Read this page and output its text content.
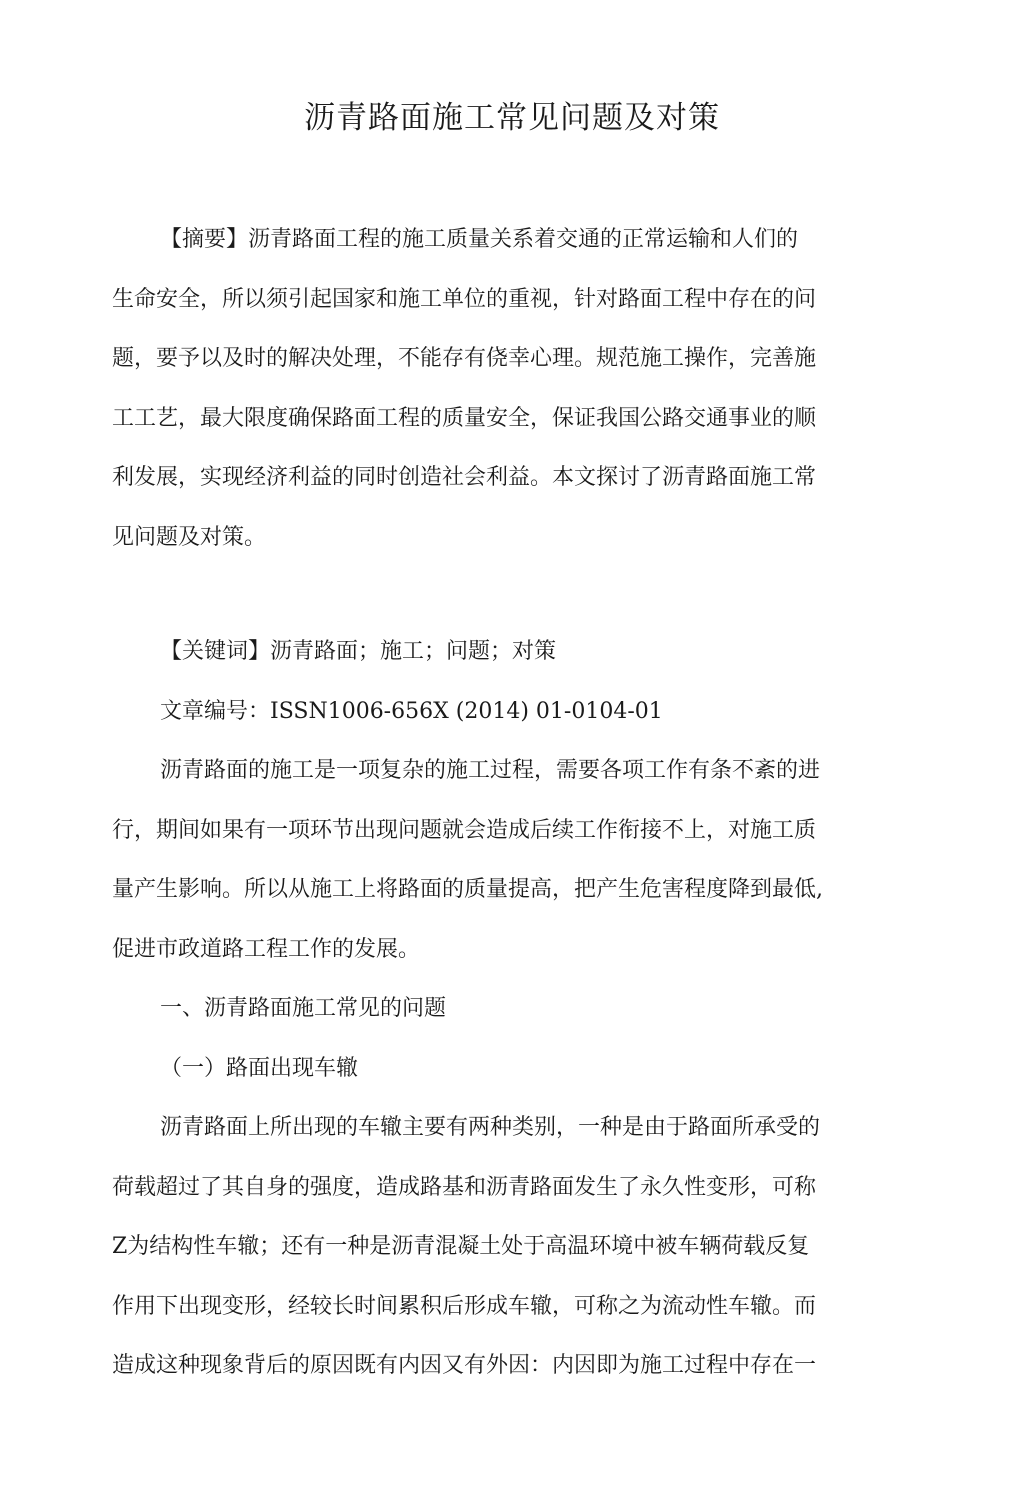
沥青路面施工常见问题及对策
【摘要】沥青路面工程的施工质量关系着交通的正常运输和人们的
生命安全，所以须引起国家和施工单位的重视，针对路面工程中存在的问
题，要予以及时的解决处理，不能存有侥幸心理。规范施工操作，完善施
工工艺，最大限度确保路面工程的质量安全，保证我国公路交通事业的顺
利发展，实现经济利益的同时创造社会利益。本文探讨了沥青路面施工常
见问题及对策。
【关键词】沥青路面；施工；问题；对策
文章编号：ISSN1006-656X (2014) 01-0104-01
沥青路面的施工是一项复杂的施工过程，需要各项工作有条不紊的进
行，期间如果有一项环节出现问题就会造成后续工作衔接不上，对施工质
量产生影响。所以从施工上将路面的质量提高，把产生危害程度降到最低,
促进市政道路工程工作的发展。
一、沥青路面施工常见的问题
（一）路面出现车辙
沥青路面上所出现的车辙主要有两种类别，一种是由于路面所承受的
荷载超过了其自身的强度，造成路基和沥青路面发生了永久性变形，可称
Z为结构性车辙；还有一种是沥青混凝土处于高温环境中被车辆荷载反复
作用下出现变形，经较长时间累积后形成车辙，可称之为流动性车辙。而
造成这种现象背后的原因既有内因又有外因：内因即为施工过程中存在一
